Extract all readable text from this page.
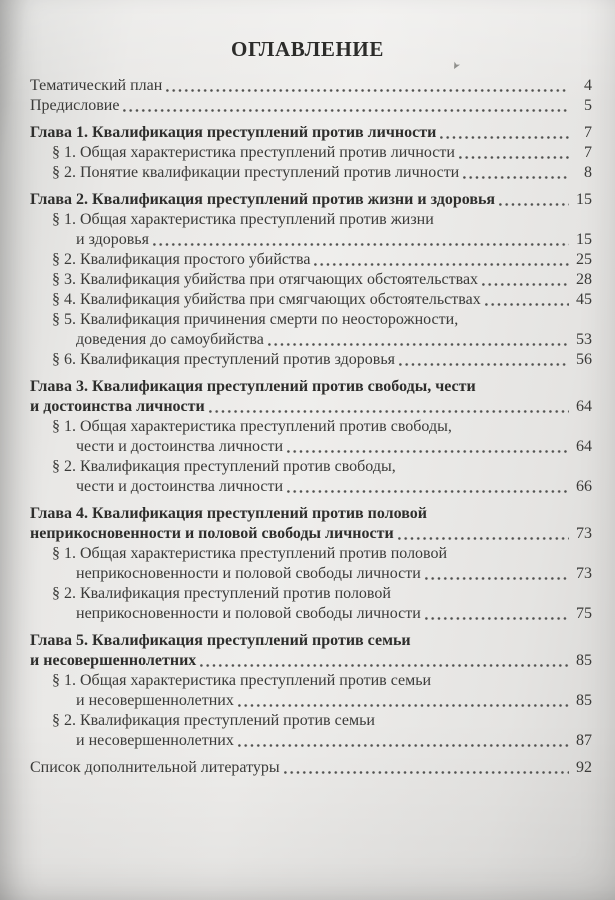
ОГЛАВЛЕНИЕ
➤
Тематический план	4
Предисловие	5
Глава 1. Квалификация преступлений против личности	7
§ 1. Общая характеристика преступлений против личности	7
§ 2. Понятие квалификации преступлений против личности	8
Глава 2. Квалификация преступлений против жизни и здоровья	15
§ 1. Общая характеристика преступлений против жизни
и здоровья	15
§ 2. Квалификация простого убийства	25
§ 3. Квалификация убийства при отягчающих обстоятельствах	28
§ 4. Квалификация убийства при смягчающих обстоятельствах	45
§ 5. Квалификация причинения смерти по неосторожности,
доведения до самоубийства	53
§ 6. Квалификация преступлений против здоровья	56
Глава 3. Квалификация преступлений против свободы, чести
и достоинства личности	64
§ 1. Общая характеристика преступлений против свободы,
чести и достоинства личности	64
§ 2. Квалификация преступлений против свободы,
чести и достоинства личности	66
Глава 4. Квалификация преступлений против половой
неприкосновенности и половой свободы личности	73
§ 1. Общая характеристика преступлений против половой
неприкосновенности и половой свободы личности	73
§ 2. Квалификация преступлений против половой
неприкосновенности и половой свободы личности	75
Глава 5. Квалификация преступлений против семьи
и несовершеннолетних	85
§ 1. Общая характеристика преступлений против семьи
и несовершеннолетних	85
§ 2. Квалификация преступлений против семьи
и несовершеннолетних	87
Список дополнительной литературы	92
